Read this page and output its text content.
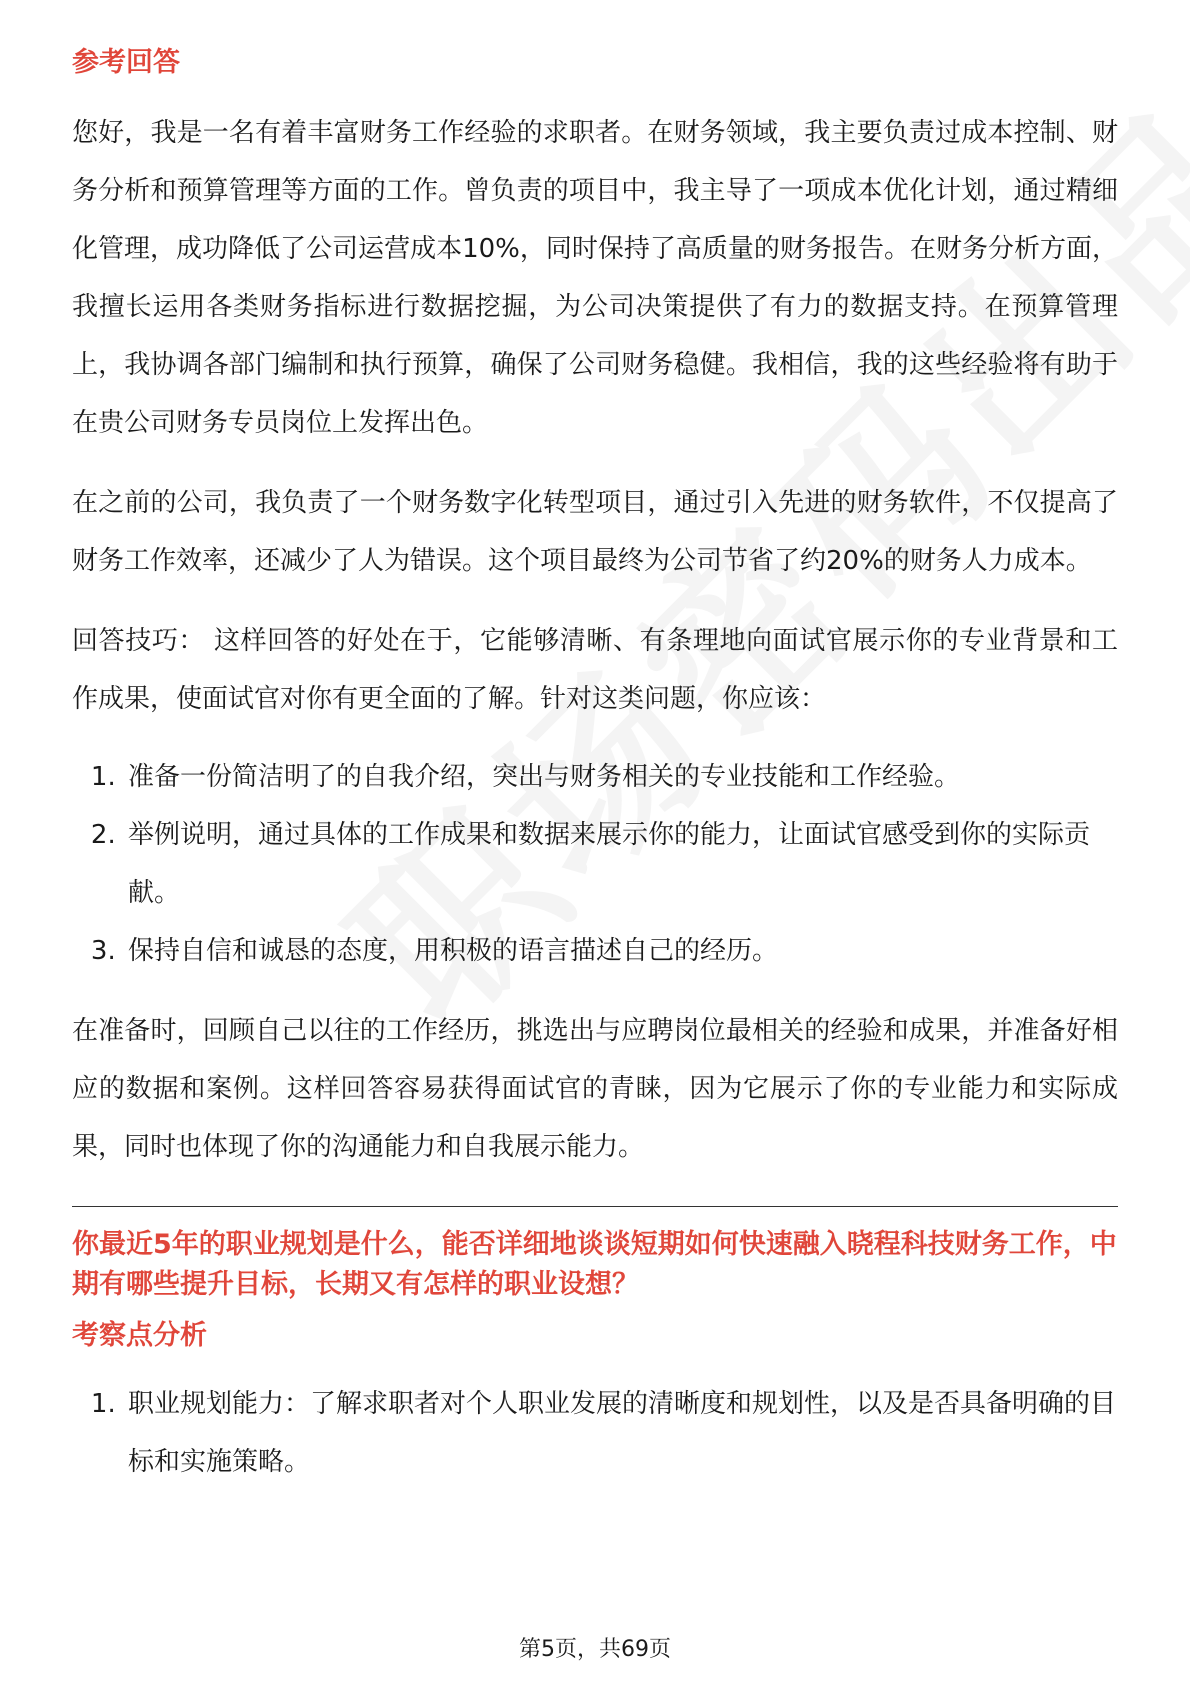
参考回答

您好，我是一名有着丰富财务工作经验的求职者。在财务领域，我主要负责过成本控制、财务分析和预算管理等方面的工作。曾负责的项目中，我主导了一项成本优化计划，通过精细化管理，成功降低了公司运营成本10%，同时保持了高质量的财务报告。在财务分析方面，我擅长运用各类财务指标进行数据挖掘，为公司决策提供了有力的数据支持。在预算管理上，我协调各部门编制和执行预算，确保了公司财务稳健。我相信，我的这些经验将有助于在贵公司财务专员岗位上发挥出色。

在之前的公司，我负责了一个财务数字化转型项目，通过引入先进的财务软件，不仅提高了财务工作效率，还减少了人为错误。这个项目最终为公司节省了约20%的财务人力成本。

回答技巧： 这样回答的好处在于，它能够清晰、有条理地向面试官展示你的专业背景和工作成果，使面试官对你有更全面的了解。针对这类问题，你应该：

1. 准备一份简洁明了的自我介绍，突出与财务相关的专业技能和工作经验。
2. 举例说明，通过具体的工作成果和数据来展示你的能力，让面试官感受到你的实际贡献。
3. 保持自信和诚恳的态度，用积极的语言描述自己的经历。

在准备时，回顾自己以往的工作经历，挑选出与应聘岗位最相关的经验和成果，并准备好相应的数据和案例。这样回答容易获得面试官的青睐，因为它展示了你的专业能力和实际成果，同时也体现了你的沟通能力和自我展示能力。

你最近5年的职业规划是什么，能否详细地谈谈短期如何快速融入晓程科技财务工作，中期有哪些提升目标，长期又有怎样的职业设想？

考察点分析
1. 职业规划能力：了解求职者对个人职业发展的清晰度和规划性，以及是否具备明确的目标和实施策略。
第5页，共69页
